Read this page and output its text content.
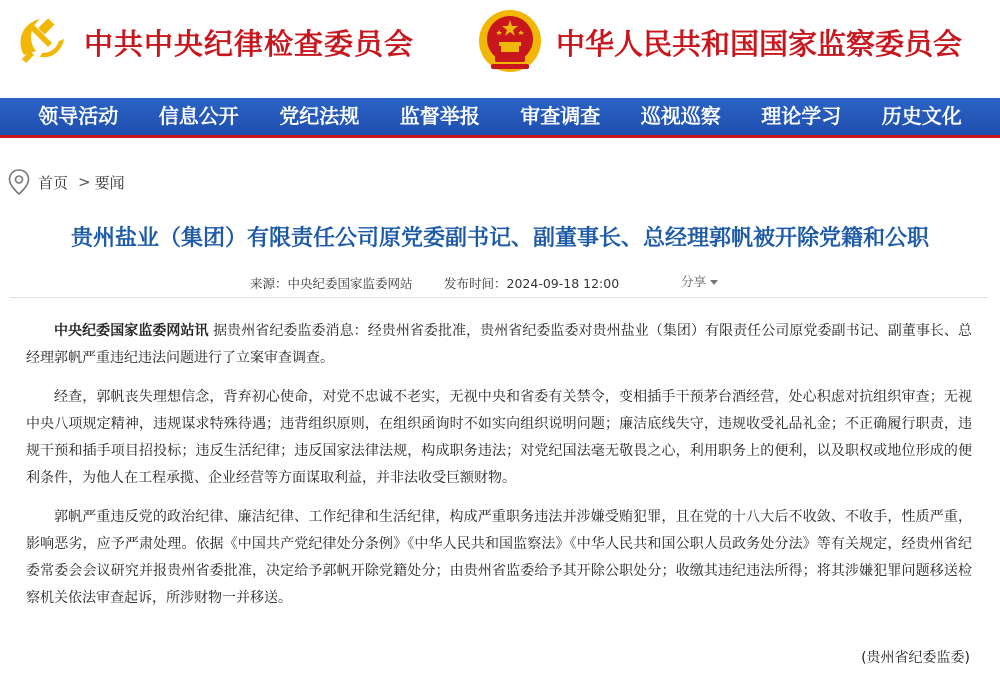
中共中央纪律检查委员会	中华人民共和国国家监察委员会
领导活动	信息公开	党纪法规	监督举报	审查调查	巡视巡察	理论学习	历史文化
首页 > 要闻
贵州盐业（集团）有限责任公司原党委副书记、副董事长、总经理郭帆被开除党籍和公职
来源：中央纪委国家监委网站	发布时间：2024-09-18 12:00	分享

中央纪委国家监委网站讯 据贵州省纪委监委消息：经贵州省委批准，贵州省纪委监委对贵州盐业（集团）有限责任公司原党委副书记、副董事长、总经理郭帆严重违纪违法问题进行了立案审查调查。

经查，郭帆丧失理想信念，背弃初心使命，对党不忠诚不老实，无视中央和省委有关禁令，变相插手干预茅台酒经营，处心积虑对抗组织审查；无视中央八项规定精神，违规谋求特殊待遇；违背组织原则，在组织函询时不如实向组织说明问题；廉洁底线失守，违规收受礼品礼金；不正确履行职责，违规干预和插手项目招投标；违反生活纪律；违反国家法律法规，构成职务违法；对党纪国法毫无敬畏之心，利用职务上的便利，以及职权或地位形成的便利条件，为他人在工程承揽、企业经营等方面谋取利益，并非法收受巨额财物。

郭帆严重违反党的政治纪律、廉洁纪律、工作纪律和生活纪律，构成严重职务违法并涉嫌受贿犯罪，且在党的十八大后不收敛、不收手，性质严重，影响恶劣，应予严肃处理。依据《中国共产党纪律处分条例》《中华人民共和国监察法》《中华人民共和国公职人员政务处分法》等有关规定，经贵州省纪委常委会会议研究并报贵州省委批准，决定给予郭帆开除党籍处分；由贵州省监委给予其开除公职处分；收缴其违纪违法所得；将其涉嫌犯罪问题移送检察机关依法审查起诉，所涉财物一并移送。

(贵州省纪委监委)
